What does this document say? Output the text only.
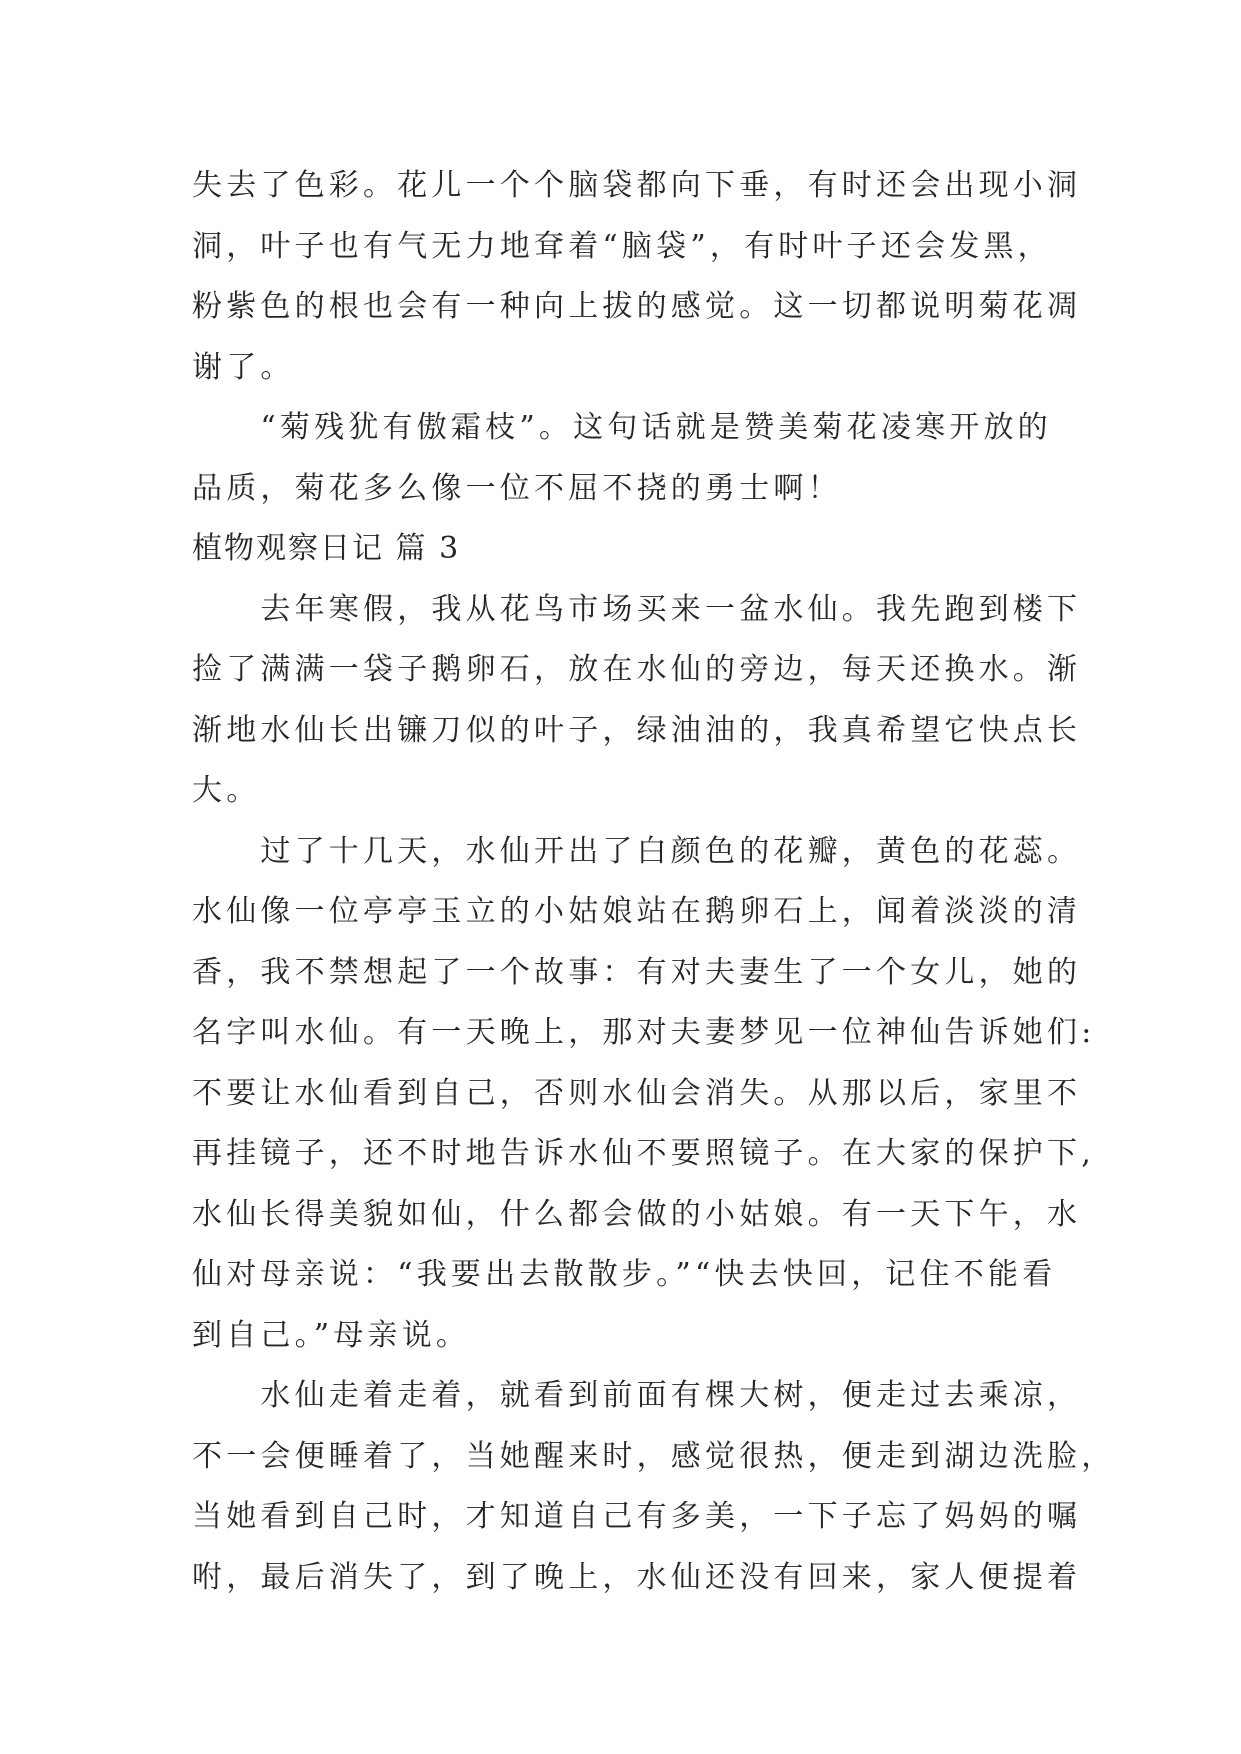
失去了色彩。花儿一个个脑袋都向下垂，有时还会出现小洞
洞，叶子也有气无力地耷着“脑袋”，有时叶子还会发黑，
粉紫色的根也会有一种向上拔的感觉。这一切都说明菊花凋
谢了。
　　“菊残犹有傲霜枝”。这句话就是赞美菊花凌寒开放的
品质，菊花多么像一位不屈不挠的勇士啊！
植物观察日记 篇 3
　　去年寒假，我从花鸟市场买来一盆水仙。我先跑到楼下
捡了满满一袋子鹅卵石，放在水仙的旁边，每天还换水。渐
渐地水仙长出镰刀似的叶子，绿油油的，我真希望它快点长
大。
　　过了十几天，水仙开出了白颜色的花瓣，黄色的花蕊。
水仙像一位亭亭玉立的小姑娘站在鹅卵石上，闻着淡淡的清
香，我不禁想起了一个故事：有对夫妻生了一个女儿，她的
名字叫水仙。有一天晚上，那对夫妻梦见一位神仙告诉她们:
不要让水仙看到自己，否则水仙会消失。从那以后，家里不
再挂镜子，还不时地告诉水仙不要照镜子。在大家的保护下,
水仙长得美貌如仙，什么都会做的小姑娘。有一天下午，水
仙对母亲说：“我要出去散散步。”“快去快回，记住不能看
到自己。”母亲说。
　　水仙走着走着，就看到前面有棵大树，便走过去乘凉，
不一会便睡着了，当她醒来时，感觉很热，便走到湖边洗脸，
当她看到自己时，才知道自己有多美，一下子忘了妈妈的嘱
咐，最后消失了，到了晚上，水仙还没有回来，家人便提着
